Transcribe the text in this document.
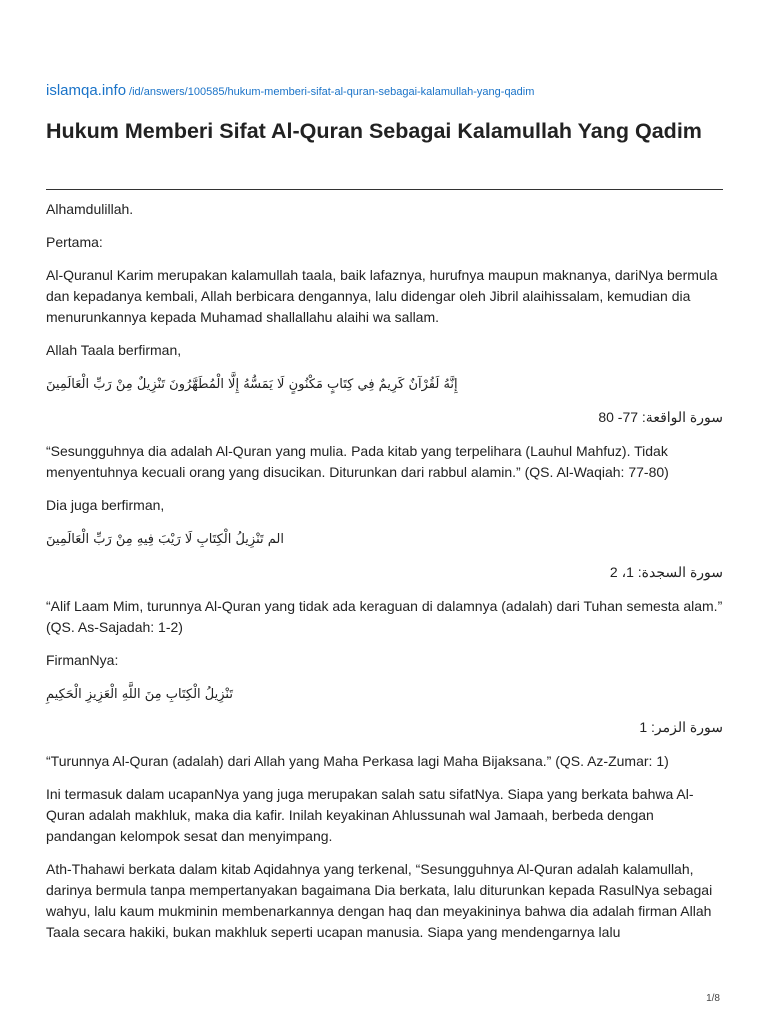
islamqa.info /id/answers/100585/hukum-memberi-sifat-al-quran-sebagai-kalamullah-yang-qadim
Hukum Memberi Sifat Al-Quran Sebagai Kalamullah Yang Qadim

Alhamdulillah.

Pertama:

Al-Quranul Karim merupakan kalamullah taala, baik lafaznya, hurufnya maupun maknanya, dariNya bermula dan kepadanya kembali, Allah berbicara dengannya, lalu didengar oleh Jibril alaihissalam, kemudian dia menurunkannya kepada Muhamad shallallahu alaihi wa sallam.

Allah Taala berfirman,

إِنَّهُ لَقُرْآنٌ كَرِيمٌ فِي كِتَابٍ مَكْنُونٍ لَا يَمَسُّهُ إِلَّا الْمُطَهَّرُونَ تَنْزِيلٌ مِنْ رَبِّ الْعَالَمِينَ
سورة الواقعة: 77- 80

“Sesungguhnya dia adalah Al-Quran yang mulia. Pada kitab yang terpelihara (Lauhul Mahfuz). Tidak menyentuhnya kecuali orang yang disucikan. Diturunkan dari rabbul alamin.” (QS. Al-Waqiah: 77-80)

Dia juga berfirman,

الم تَنْزِيلُ الْكِتَابِ لَا رَيْبَ فِيهِ مِنْ رَبِّ الْعَالَمِينَ
سورة السجدة: 1، 2

“Alif Laam Mim, turunnya Al-Quran yang tidak ada keraguan di dalamnya (adalah) dari Tuhan semesta alam.” (QS. As-Sajadah: 1-2)

FirmanNya:

تَنْزِيلُ الْكِتَابِ مِنَ اللَّهِ الْعَزِيزِ الْحَكِيمِ
سورة الزمر: 1

“Turunnya Al-Quran (adalah) dari Allah yang Maha Perkasa lagi Maha Bijaksana.” (QS. Az-Zumar: 1)

Ini termasuk dalam ucapanNya yang juga merupakan salah satu sifatNya. Siapa yang berkata bahwa Al-Quran adalah makhluk, maka dia kafir. Inilah keyakinan Ahlussunah wal Jamaah, berbeda dengan pandangan kelompok sesat dan menyimpang.

Ath-Thahawi berkata dalam kitab Aqidahnya yang terkenal, “Sesungguhnya Al-Quran adalah kalamullah, darinya bermula tanpa mempertanyakan bagaimana Dia berkata, lalu diturunkan kepada RasulNya sebagai wahyu, lalu kaum mukminin membenarkannya dengan haq dan meyakininya bahwa dia adalah firman Allah Taala secara hakiki, bukan makhluk seperti ucapan manusia. Siapa yang mendengarnya lalu

1/8
